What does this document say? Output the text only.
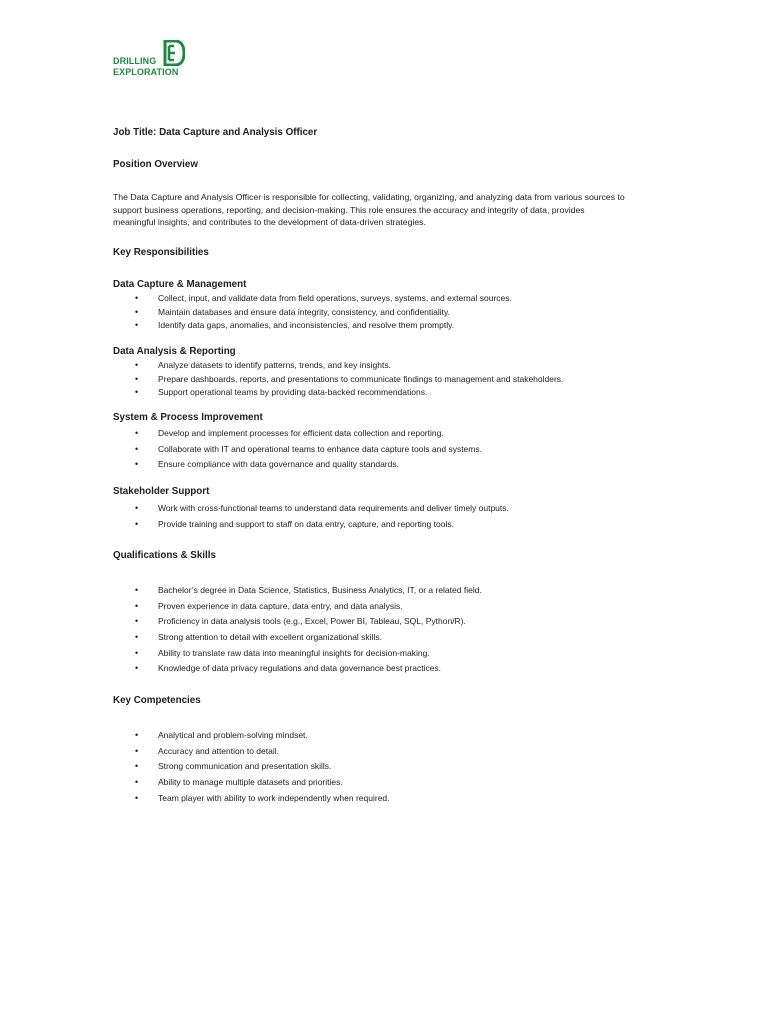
DRILLING
EXPLORATION
Job Title: Data Capture and Analysis Officer
Position Overview
The Data Capture and Analysis Officer is responsible for collecting, validating, organizing, and analyzing data from various sources to
support business operations, reporting, and decision-making. This role ensures the accuracy and integrity of data, provides
meaningful insights, and contributes to the development of data-driven strategies.
Key Responsibilities
Data Capture & Management
• Collect, input, and validate data from field operations, surveys, systems, and external sources.
• Maintain databases and ensure data integrity, consistency, and confidentiality.
• Identify data gaps, anomalies, and inconsistencies, and resolve them promptly.
Data Analysis & Reporting
• Analyze datasets to identify patterns, trends, and key insights.
• Prepare dashboards, reports, and presentations to communicate findings to management and stakeholders.
• Support operational teams by providing data-backed recommendations.
System & Process Improvement
• Develop and implement processes for efficient data collection and reporting.
• Collaborate with IT and operational teams to enhance data capture tools and systems.
• Ensure compliance with data governance and quality standards.
Stakeholder Support
• Work with cross-functional teams to understand data requirements and deliver timely outputs.
• Provide training and support to staff on data entry, capture, and reporting tools.
Qualifications & Skills
• Bachelor’s degree in Data Science, Statistics, Business Analytics, IT, or a related field.
• Proven experience in data capture, data entry, and data analysis.
• Proficiency in data analysis tools (e.g., Excel, Power BI, Tableau, SQL, Python/R).
• Strong attention to detail with excellent organizational skills.
• Ability to translate raw data into meaningful insights for decision-making.
• Knowledge of data privacy regulations and data governance best practices.
Key Competencies
• Analytical and problem-solving mindset.
• Accuracy and attention to detail.
• Strong communication and presentation skills.
• Ability to manage multiple datasets and priorities.
• Team player with ability to work independently when required.
